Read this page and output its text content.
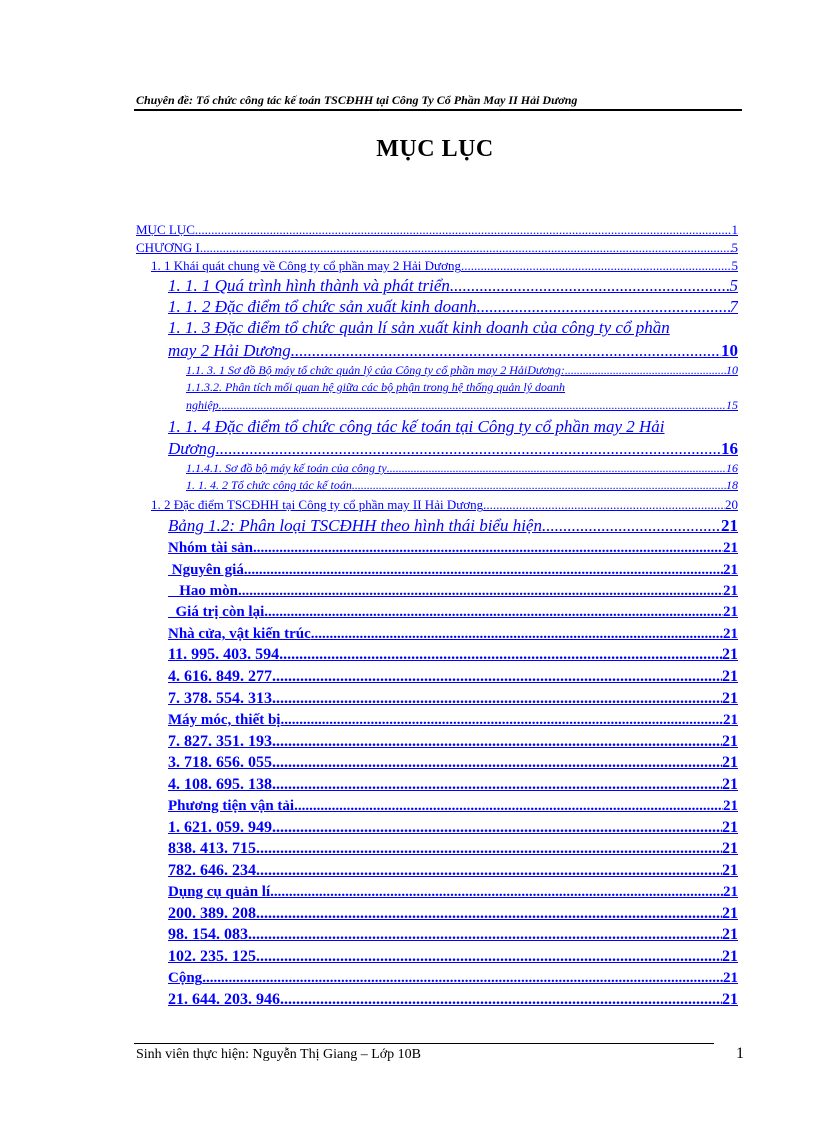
Chuyên đề: Tổ chức công tác kế toán TSCĐHH tại Công Ty Cổ Phần May II Hải Dương
MỤC LỤC
MỤC LỤC .....	1
CHƯƠNG I .....	5
1. 1 Khái quát chung về Công ty cổ phần may 2 Hải Dương .....	5
1. 1. 1 Quá trình hình thành và phát triển .....	5
1. 1. 2 Đặc điểm tổ chức sản xuất kinh doanh .....	7
1. 1. 3 Đặc điểm tổ chức quản lí sản xuất kinh doanh của công ty cổ phần
may 2 Hải Dương .....	10
1.1. 3. 1 Sơ đồ Bộ máy tổ chức quản lý của Công ty cổ phần may 2 HảiDương: .....	10
1.1.3.2. Phân tích mối quan hệ giữa các bộ phận trong hệ thống quản lý doanh
nghiệp. .....	15
1. 1. 4 Đặc điểm tổ chức công tác kế toán tại Công ty cổ phần may 2 Hải
Dương .....	16
1.1.4.1. Sơ đồ bộ máy kế toán của công ty .....	16
1. 1. 4. 2 Tổ chức công tác kế toán .....	18
1. 2 Đặc điểm TSCĐHH tại Công ty cổ phần may II Hải Dương .....	20
Bảng 1.2: Phân loại TSCĐHH theo hình thái biểu hiện .....	21
Nhóm tài sản .....	21
Nguyên giá .....	21
Hao mòn .....	21
Giá trị còn lại .....	21
Nhà cửa, vật kiến trúc .....	21
11. 995. 403. 594 .....	21
4. 616. 849. 277 .....	21
7. 378. 554. 313 .....	21
Máy móc, thiết bị .....	21
7. 827. 351. 193 .....	21
3. 718. 656. 055 .....	21
4. 108. 695. 138 .....	21
Phương tiện vận tải .....	21
1. 621. 059. 949 .....	21
838. 413. 715 .....	21
782. 646. 234 .....	21
Dụng cụ quản lí .....	21
200. 389. 208 .....	21
98. 154. 083 .....	21
102. 235. 125 .....	21
Cộng .....	21
21. 644. 203. 946 .....	21
Sinh viên thực hiện: Nguyễn Thị Giang – Lớp 10B	1
